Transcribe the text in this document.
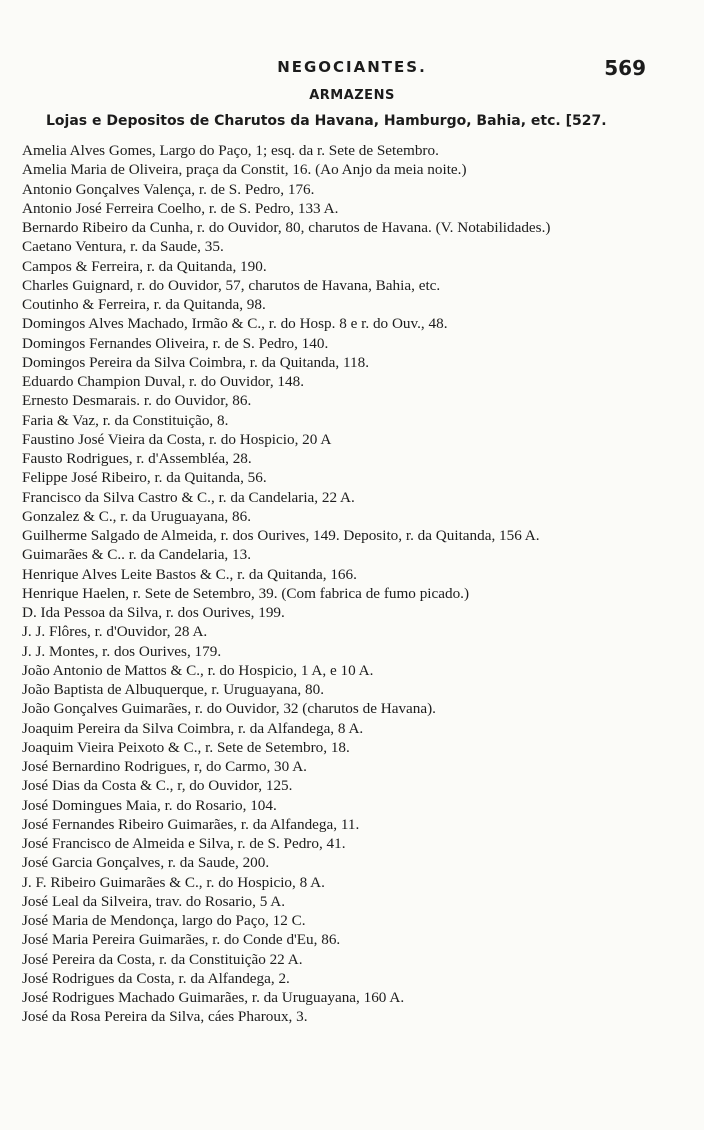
NEGOCIANTES.	569
ARMAZENS
Lojas e Depositos de Charutos da Havana, Hamburgo, Bahia, etc. [527.
Amelia Alves Gomes, Largo do Paço, 1; esq. da r. Sete de Setembro.
Amelia Maria de Oliveira, praça da Constit, 16. (Ao Anjo da meia noite.)
Antonio Gonçalves Valença, r. de S. Pedro, 176.
Antonio José Ferreira Coelho, r. de S. Pedro, 133 A.
Bernardo Ribeiro da Cunha, r. do Ouvidor, 80, charutos de Havana. (V. Notabilidades.)
Caetano Ventura, r. da Saude, 35.
Campos & Ferreira, r. da Quitanda, 190.
Charles Guignard, r. do Ouvidor, 57, charutos de Havana, Bahia, etc.
Coutinho & Ferreira, r. da Quitanda, 98.
Domingos Alves Machado, Irmão & C., r. do Hosp. 8 e r. do Ouv., 48.
Domingos Fernandes Oliveira, r. de S. Pedro, 140.
Domingos Pereira da Silva Coimbra, r. da Quitanda, 118.
Eduardo Champion Duval, r. do Ouvidor, 148.
Ernesto Desmarais. r. do Ouvidor, 86.
Faria & Vaz, r. da Constituição, 8.
Faustino José Vieira da Costa, r. do Hospicio, 20 A
Fausto Rodrigues, r. d'Assembléa, 28.
Felippe José Ribeiro, r. da Quitanda, 56.
Francisco da Silva Castro & C., r. da Candelaria, 22 A.
Gonzalez & C., r. da Uruguayana, 86.
Guilherme Salgado de Almeida, r. dos Ourives, 149. Deposito, r. da Quitanda, 156 A.
Guimarães & C.. r. da Candelaria, 13.
Henrique Alves Leite Bastos & C., r. da Quitanda, 166.
Henrique Haelen, r. Sete de Setembro, 39. (Com fabrica de fumo picado.)
D. Ida Pessoa da Silva, r. dos Ourives, 199.
J. J. Flôres, r. d'Ouvidor, 28 A.
J. J. Montes, r. dos Ourives, 179.
João Antonio de Mattos & C., r. do Hospicio, 1 A, e 10 A.
João Baptista de Albuquerque, r. Uruguayana, 80.
João Gonçalves Guimarães, r. do Ouvidor, 32 (charutos de Havana).
Joaquim Pereira da Silva Coimbra, r. da Alfandega, 8 A.
Joaquim Vieira Peixoto & C., r. Sete de Setembro, 18.
José Bernardino Rodrigues, r, do Carmo, 30 A.
José Dias da Costa & C., r, do Ouvidor, 125.
José Domingues Maia, r. do Rosario, 104.
José Fernandes Ribeiro Guimarães, r. da Alfandega, 11.
José Francisco de Almeida e Silva, r. de S. Pedro, 41.
José Garcia Gonçalves, r. da Saude, 200.
J. F. Ribeiro Guimarães & C., r. do Hospicio, 8 A.
José Leal da Silveira, trav. do Rosario, 5 A.
José Maria de Mendonça, largo do Paço, 12 C.
José Maria Pereira Guimarães, r. do Conde d'Eu, 86.
José Pereira da Costa, r. da Constituição 22 A.
José Rodrigues da Costa, r. da Alfandega, 2.
José Rodrigues Machado Guimarães, r. da Uruguayana, 160 A.
José da Rosa Pereira da Silva, cáes Pharoux, 3.
